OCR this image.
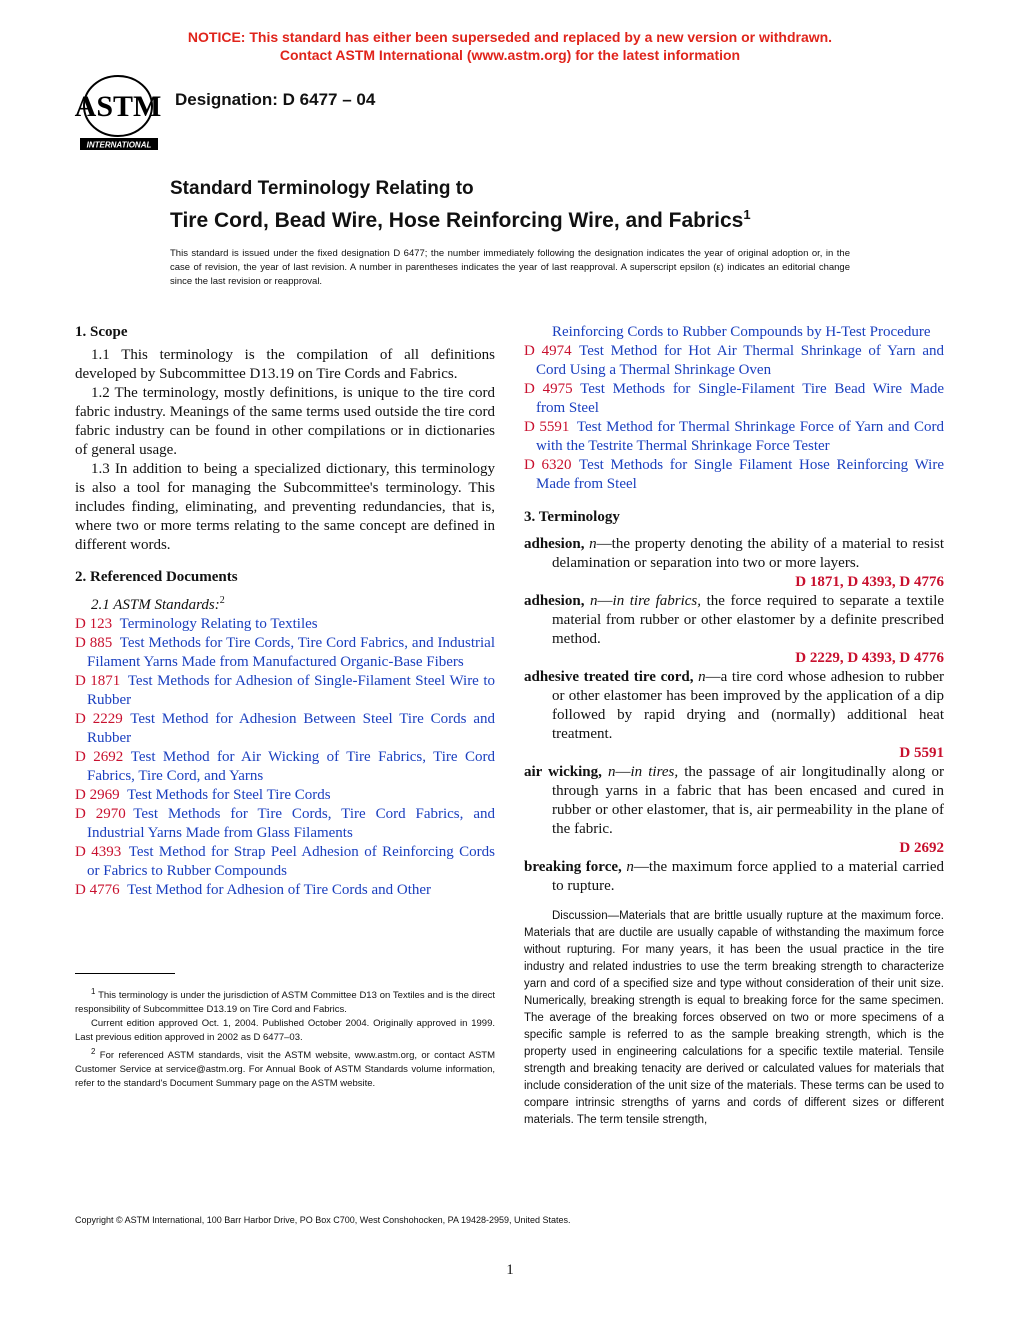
NOTICE: This standard has either been superseded and replaced by a new version or withdrawn.
Contact ASTM International (www.astm.org) for the latest information
ASTM
INTERNATIONAL
Designation: D 6477 – 04
Standard Terminology Relating to
Tire Cord, Bead Wire, Hose Reinforcing Wire, and Fabrics$^1$
This standard is issued under the fixed designation D 6477; the number immediately following the designation indicates the year of original adoption or, in the case of revision, the year of last revision. A number in parentheses indicates the year of last reapproval. A superscript epsilon (ε) indicates an editorial change since the last revision or reapproval.
1. Scope

1.1 This terminology is the compilation of all definitions developed by Subcommittee D13.19 on Tire Cords and Fabrics.

1.2 The terminology, mostly definitions, is unique to the tire cord fabric industry. Meanings of the same terms used outside the tire cord fabric industry can be found in other compilations or in dictionaries of general usage.

1.3 In addition to being a specialized dictionary, this terminology is also a tool for managing the Subcommittee's terminology. This includes finding, eliminating, and preventing redundancies, that is, where two or more terms relating to the same concept are defined in different words.

2. Referenced Documents

2.1 ASTM Standards:$^2$

D 123  Terminology Relating to Textiles

D 885  Test Methods for Tire Cords, Tire Cord Fabrics, and Industrial Filament Yarns Made from Manufactured Organic-Base Fibers

D 1871  Test Methods for Adhesion of Single-Filament Steel Wire to Rubber

D 2229  Test Method for Adhesion Between Steel Tire Cords and Rubber

D 2692  Test Method for Air Wicking of Tire Fabrics, Tire Cord Fabrics, Tire Cord, and Yarns

D 2969  Test Methods for Steel Tire Cords

D 2970  Test Methods for Tire Cords, Tire Cord Fabrics, and Industrial Yarns Made from Glass Filaments

D 4393  Test Method for Strap Peel Adhesion of Reinforcing Cords or Fabrics to Rubber Compounds

D 4776  Test Method for Adhesion of Tire Cords and Other

Reinforcing Cords to Rubber Compounds by H-Test Procedure

D 4974  Test Method for Hot Air Thermal Shrinkage of Yarn and Cord Using a Thermal Shrinkage Oven

D 4975  Test Methods for Single-Filament Tire Bead Wire Made from Steel

D 5591  Test Method for Thermal Shrinkage Force of Yarn and Cord with the Testrite Thermal Shrinkage Force Tester

D 6320  Test Methods for Single Filament Hose Reinforcing Wire Made from Steel

3. Terminology

adhesion, n—the property denoting the ability of a material to resist delamination or separation into two or more layers.

D 1871, D 4393, D 4776

adhesion, n—in tire fabrics, the force required to separate a textile material from rubber or other elastomer by a definite prescribed method.

D 2229, D 4393, D 4776

adhesive treated tire cord, n—a tire cord whose adhesion to rubber or other elastomer has been improved by the application of a dip followed by rapid drying and (normally) additional heat treatment.

D 5591

air wicking, n—in tires, the passage of air longitudinally along or through yarns in a fabric that has been encased and cured in rubber or other elastomer, that is, air permeability in the plane of the fabric.

D 2692

breaking force, n—the maximum force applied to a material carried to rupture.

Discussion—Materials that are brittle usually rupture at the maximum force. Materials that are ductile are usually capable of withstanding the maximum force without rupturing. For many years, it has been the usual practice in the tire industry and related industries to use the term breaking strength to characterize yarn and cord of a specified size and type without consideration of their unit size. Numerically, breaking strength is equal to breaking force for the same specimen. The average of the breaking forces observed on two or more specimens of a specific sample is referred to as the sample breaking strength, which is the property used in engineering calculations for a specific textile material. Tensile strength and breaking tenacity are derived or calculated values for materials that include consideration of the unit size of the materials. These terms can be used to compare intrinsic strengths of yarns and cords of different sizes or different materials. The term tensile strength,

$^1$ This terminology is under the jurisdiction of ASTM Committee D13 on Textiles and is the direct responsibility of Subcommittee D13.19 on Tire Cord and Fabrics.

Current edition approved Oct. 1, 2004. Published October 2004. Originally approved in 1999. Last previous edition approved in 2002 as D 6477–03.

$^2$ For referenced ASTM standards, visit the ASTM website, www.astm.org, or contact ASTM Customer Service at service@astm.org. For Annual Book of ASTM Standards volume information, refer to the standard's Document Summary page on the ASTM website.

Copyright © ASTM International, 100 Barr Harbor Drive, PO Box C700, West Conshohocken, PA 19428-2959, United States.
1
